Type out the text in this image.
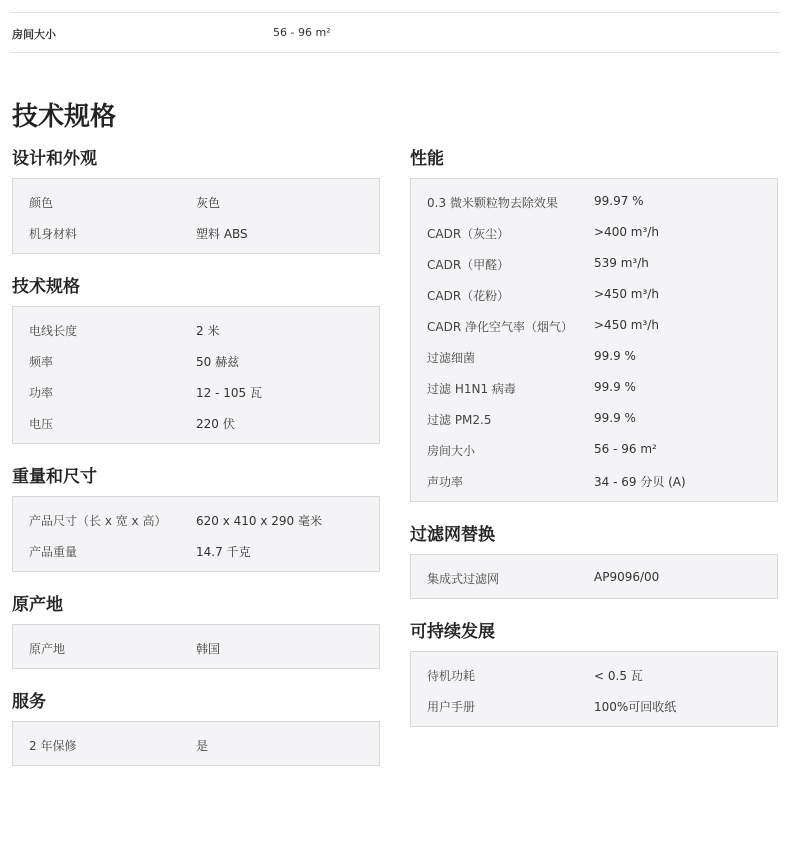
房间大小	56 - 96 m²
技术规格
设计和外观
颜色	灰色
机身材料	塑料 ABS
技术规格
电线长度	2 米
频率	50 赫兹
功率	12 - 105 瓦
电压	220 伏
重量和尺寸
产品尺寸（长 x 宽 x 高） 620 x 410 x 290 毫米
产品重量	14.7 千克
原产地
原产地	韩国
服务
2 年保修	是
性能
0.3 微米颗粒物去除效果	99.97 %
CADR（灰尘）	>400 m³/h
CADR（甲醛）	539 m³/h
CADR（花粉）	>450 m³/h
CADR 净化空气率（烟气） >450 m³/h
过滤细菌	99.9 %
过滤 H1N1 病毒	99.9 %
过滤 PM2.5	99.9 %
房间大小	56 - 96 m²
声功率	34 - 69 分贝 (A)
过滤网替换
集成式过滤网	AP9096/00
可持续发展
待机功耗	< 0.5 瓦
用户手册	100%可回收纸
